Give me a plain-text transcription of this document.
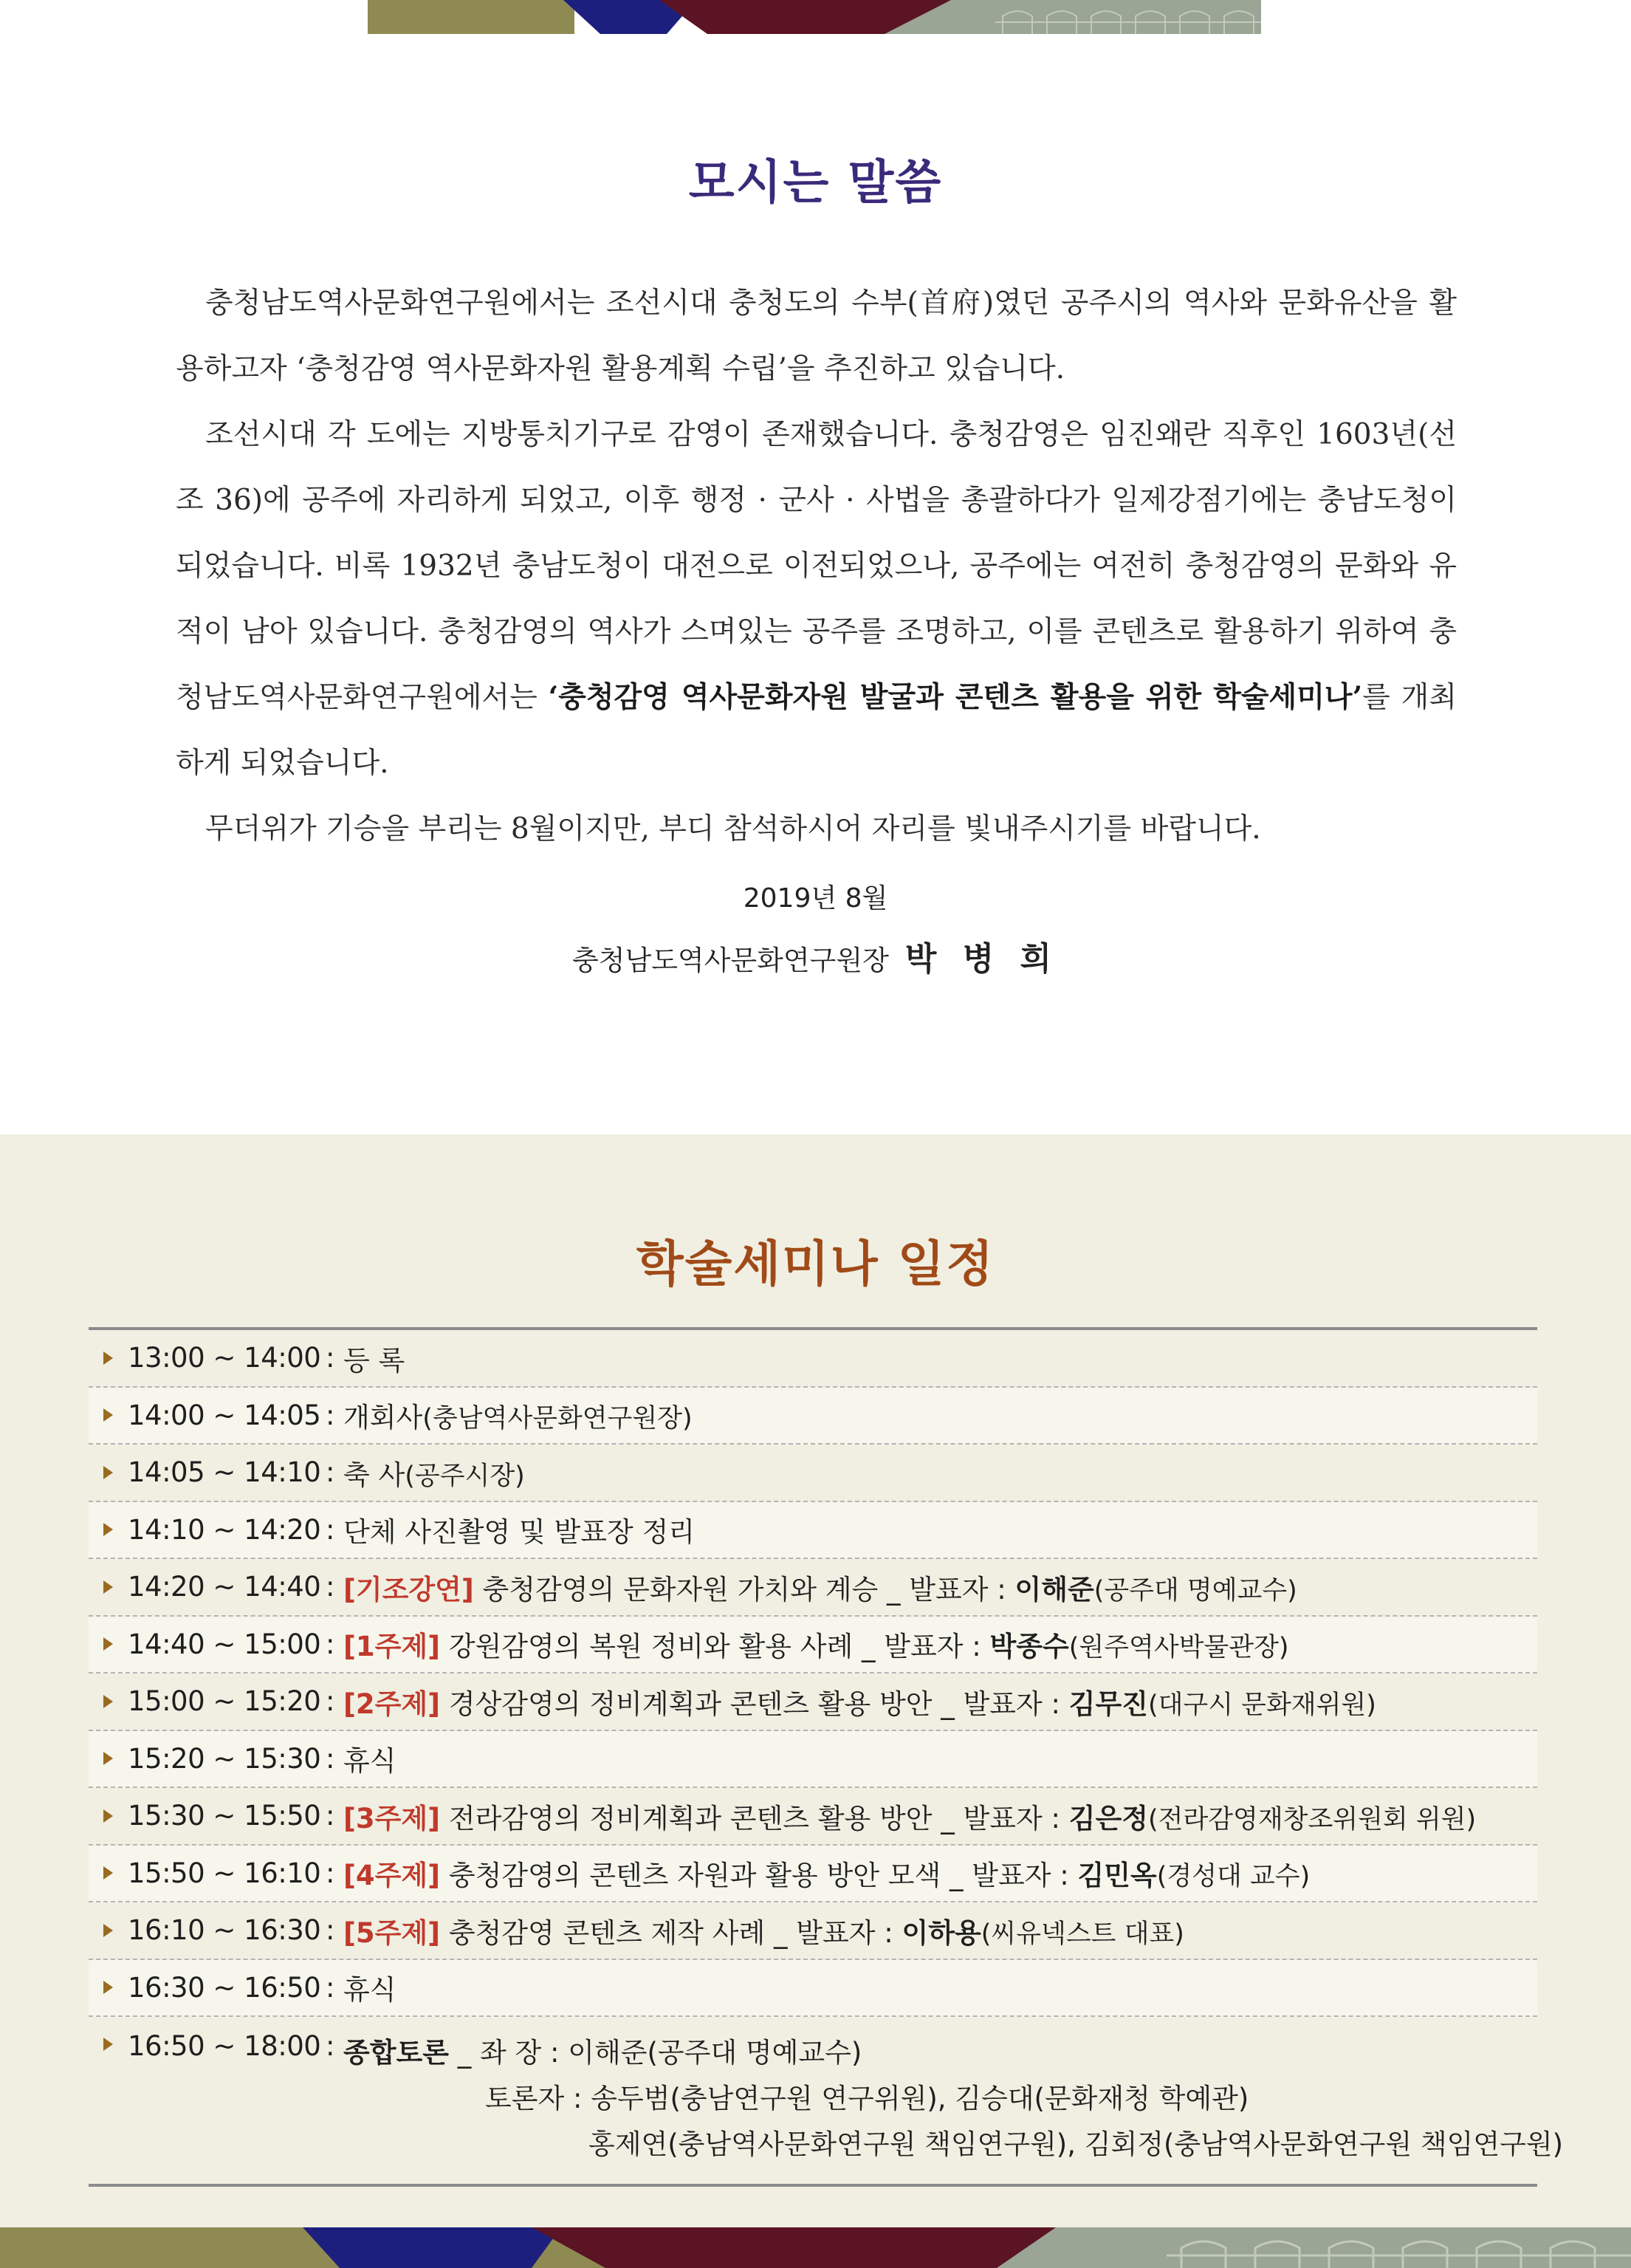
모시는 말씀

충청남도역사문화연구원에서는 조선시대 충청도의 수부(首府)였던 공주시의 역사와 문화유산을 활용하고자 ‘충청감영 역사문화자원 활용계획 수립’을 추진하고 있습니다.

조선시대 각 도에는 지방통치기구로 감영이 존재했습니다. 충청감영은 임진왜란 직후인 1603년(선조 36)에 공주에 자리하게 되었고, 이후 행정 · 군사 · 사법을 총괄하다가 일제강점기에는 충남도청이 되었습니다. 비록 1932년 충남도청이 대전으로 이전되었으나, 공주에는 여전히 충청감영의 문화와 유적이 남아 있습니다. 충청감영의 역사가 스며있는 공주를 조명하고, 이를 콘텐츠로 활용하기 위하여 충청남도역사문화연구원에서는 ‘충청감영 역사문화자원 발굴과 콘텐츠 활용을 위한 학술세미나’를 개최하게 되었습니다.

무더위가 기승을 부리는 8월이지만, 부디 참석하시어 자리를 빛내주시기를 바랍니다.

2019년 8월
충청남도역사문화연구원장 박 병 희
학술세미나 일정
13:00 ~ 14:00 : 등 록
14:00 ~ 14:05 : 개회사(충남역사문화연구원장)
14:05 ~ 14:10 : 축 사(공주시장)
14:10 ~ 14:20 : 단체 사진촬영 및 발표장 정리
14:20 ~ 14:40 : [기조강연] 충청감영의 문화자원 가치와 계승 _ 발표자 : 이해준(공주대 명예교수)
14:40 ~ 15:00 : [1주제] 강원감영의 복원 정비와 활용 사례 _ 발표자 : 박종수(원주역사박물관장)
15:00 ~ 15:20 : [2주제] 경상감영의 정비계획과 콘텐츠 활용 방안 _ 발표자 : 김무진(대구시 문화재위원)
15:20 ~ 15:30 : 휴식
15:30 ~ 15:50 : [3주제] 전라감영의 정비계획과 콘텐츠 활용 방안 _ 발표자 : 김은정(전라감영재창조위원회 위원)
15:50 ~ 16:10 : [4주제] 충청감영의 콘텐츠 자원과 활용 방안 모색 _ 발표자 : 김민옥(경성대 교수)
16:10 ~ 16:30 : [5주제] 충청감영 콘텐츠 제작 사례 _ 발표자 : 이하용(씨유넥스트 대표)
16:30 ~ 16:50 : 휴식
16:50 ~ 18:00 : 종합토론 _ 좌 장 : 이해준(공주대 명예교수)
토론자 : 송두범(충남연구원 연구위원), 김승대(문화재청 학예관)
홍제연(충남역사문화연구원 책임연구원), 김회정(충남역사문화연구원 책임연구원)
